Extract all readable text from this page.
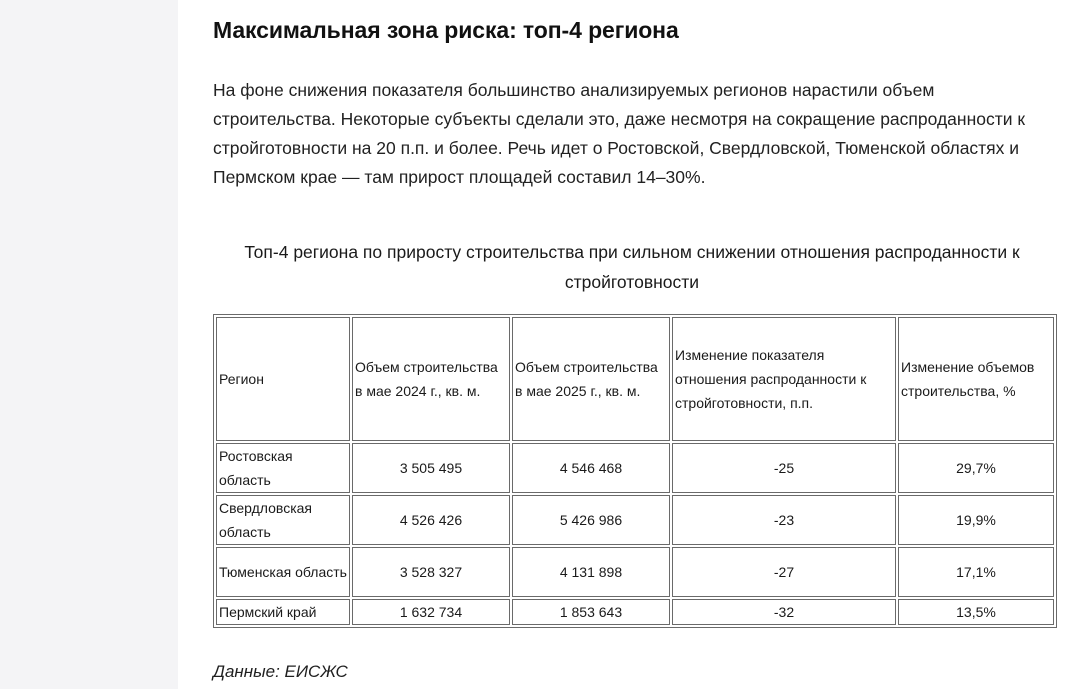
Максимальная зона риска: топ-4 региона

На фоне снижения показателя большинство анализируемых регионов нарастили объем строительства. Некоторые субъекты сделали это, даже несмотря на сокращение распроданности к стройготовности на 20 п.п. и более. Речь идет о Ростовской, Свердловской, Тюменской областях и Пермском крае — там прирост площадей составил 14–30%.

Топ-4 региона по приросту строительства при сильном снижении отношения распроданности к стройготовности

Регион	Объем строительства в мае 2024 г., кв. м.	Объем строительства в мае 2025 г., кв. м.	Изменение показателя отношения распроданности к стройготовности, п.п.	Изменение объемов строительства, %
Ростовская область	3 505 495	4 546 468	-25	29,7%
Свердловская область	4 526 426	5 426 986	-23	19,9%
Тюменская область	3 528 327	4 131 898	-27	17,1%
Пермский край	1 632 734	1 853 643	-32	13,5%

Данные: ЕИСЖС
